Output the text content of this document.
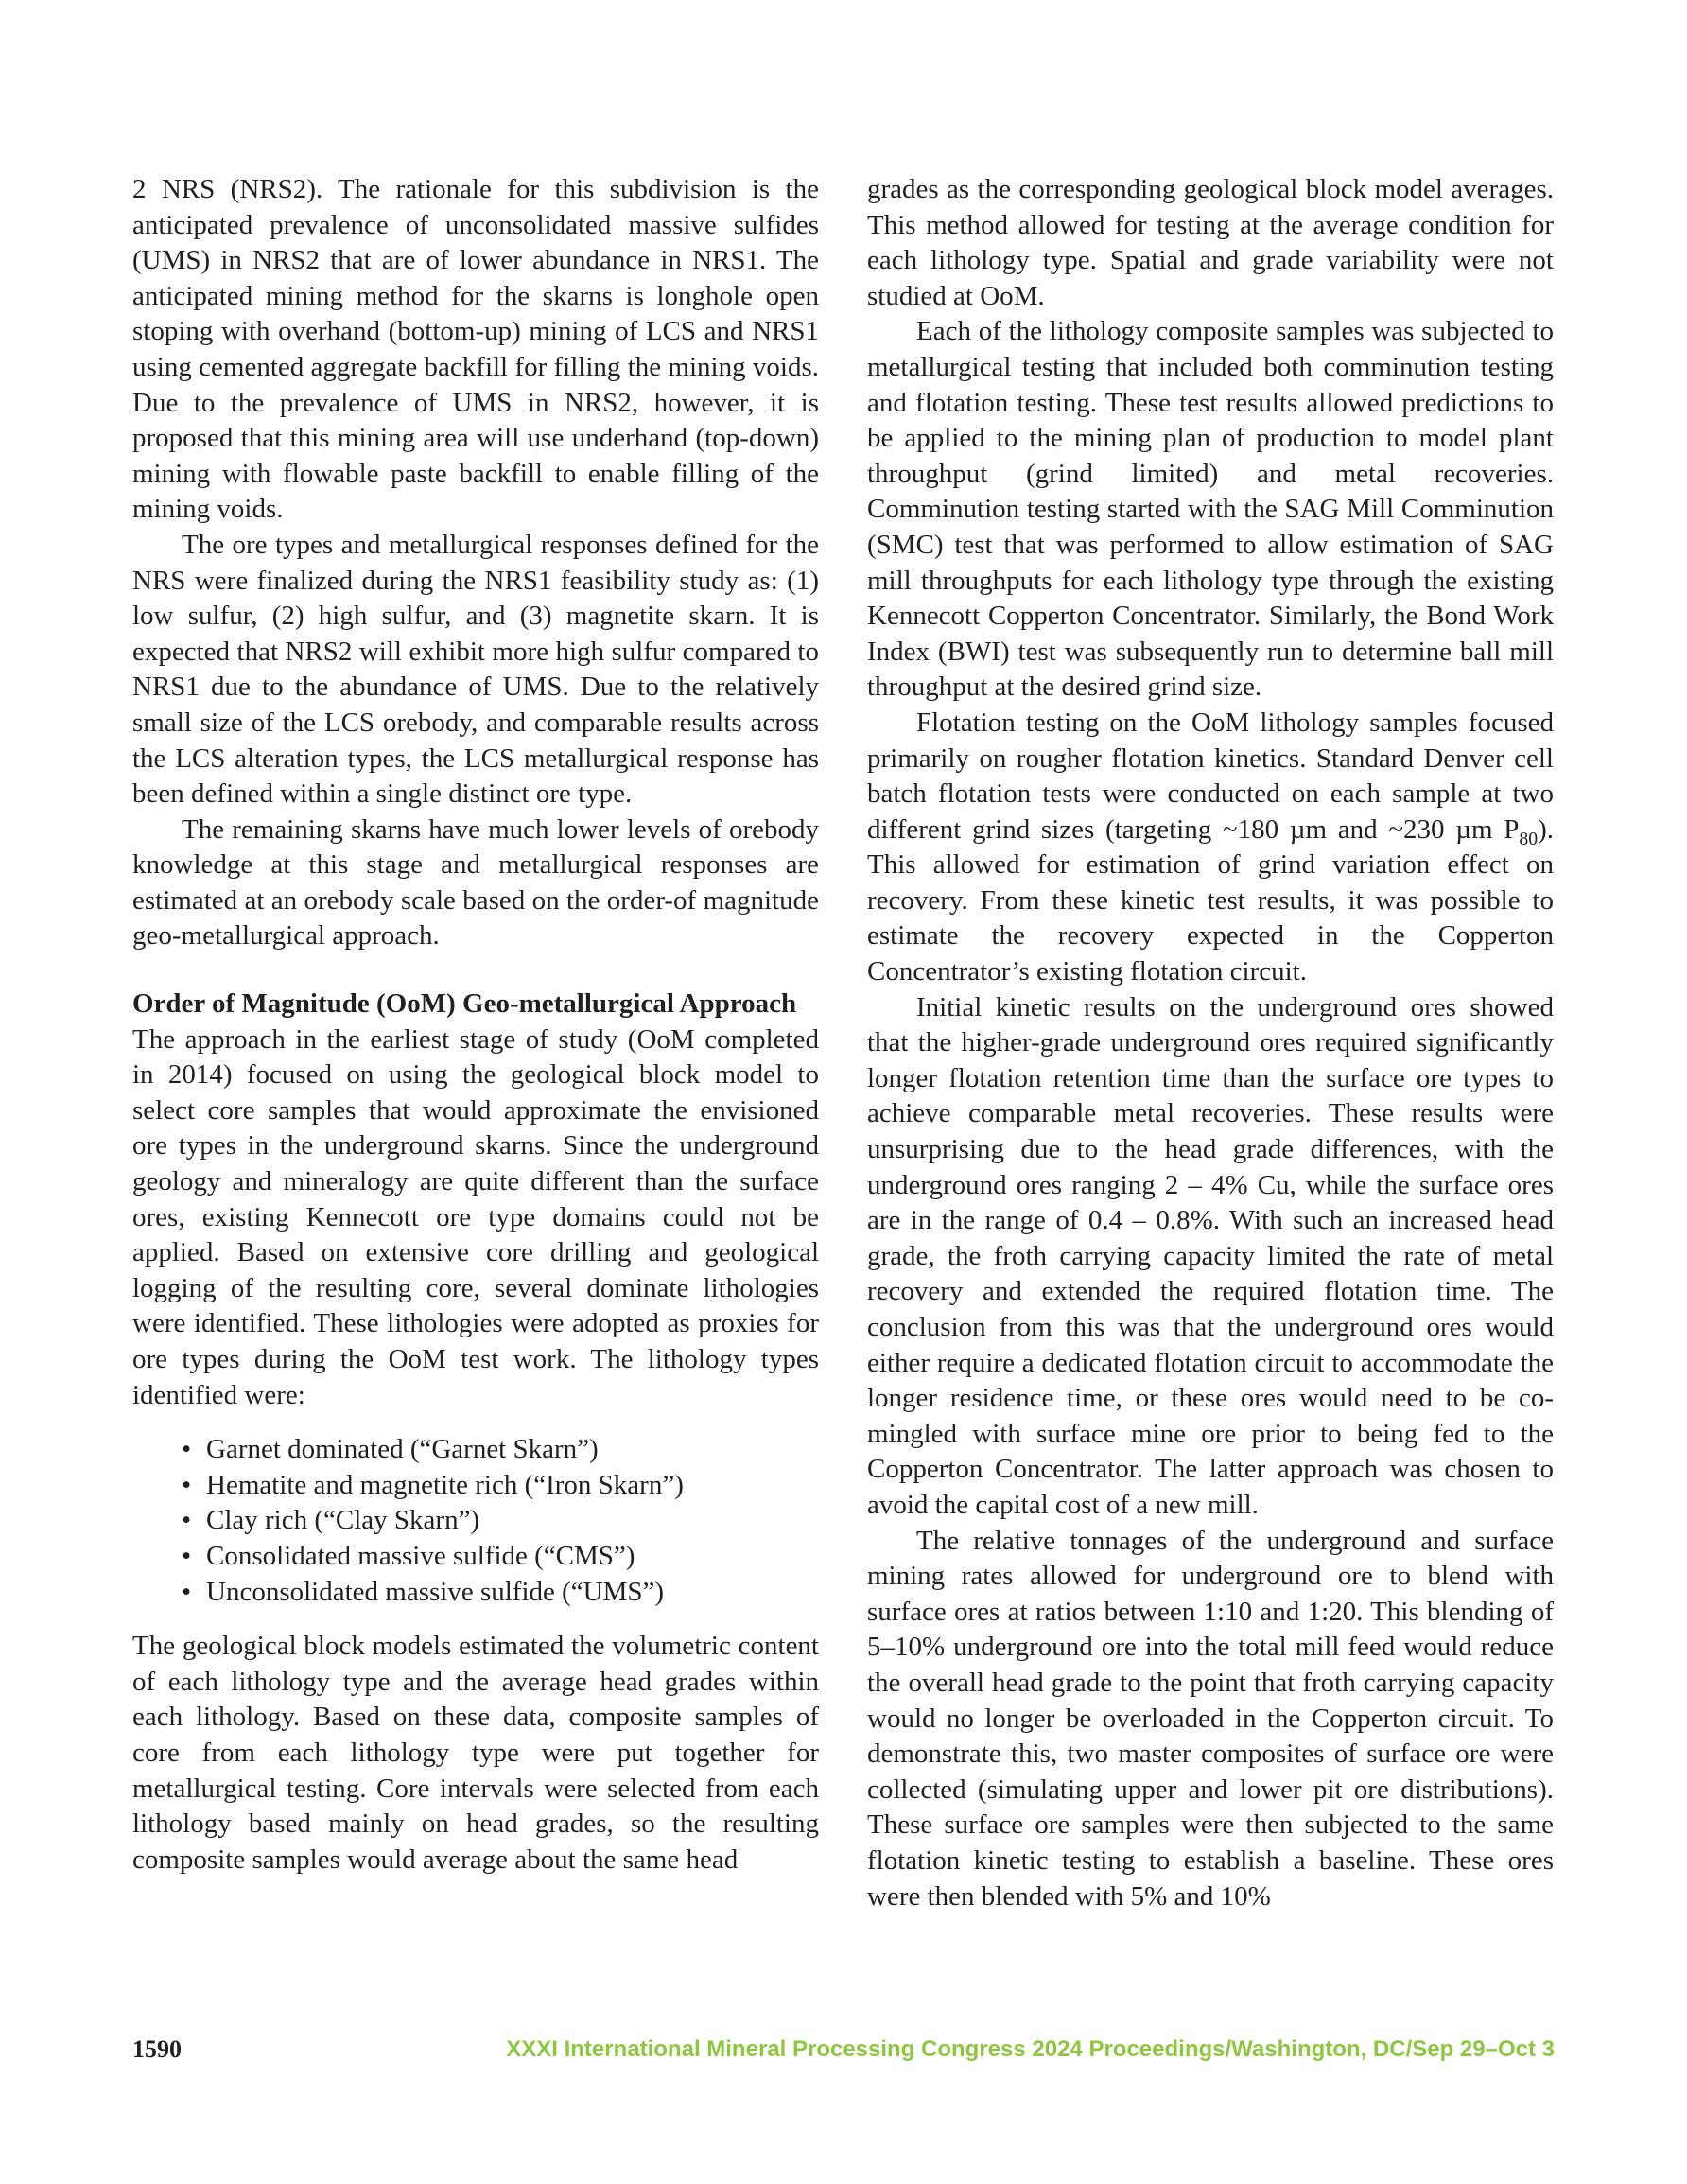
2 NRS (NRS2). The rationale for this subdivision is the anticipated prevalence of unconsolidated massive sulfides (UMS) in NRS2 that are of lower abundance in NRS1. The anticipated mining method for the skarns is longhole open stoping with overhand (bottom-up) mining of LCS and NRS1 using cemented aggregate backfill for filling the mining voids. Due to the prevalence of UMS in NRS2, however, it is proposed that this mining area will use underhand (top-down) mining with flowable paste backfill to enable filling of the mining voids.

The ore types and metallurgical responses defined for the NRS were finalized during the NRS1 feasibility study as: (1) low sulfur, (2) high sulfur, and (3) magnetite skarn. It is expected that NRS2 will exhibit more high sulfur compared to NRS1 due to the abundance of UMS. Due to the relatively small size of the LCS orebody, and comparable results across the LCS alteration types, the LCS metallurgical response has been defined within a single distinct ore type.

The remaining skarns have much lower levels of orebody knowledge at this stage and metallurgical responses are estimated at an orebody scale based on the order-of magnitude geo-metallurgical approach.

Order of Magnitude (OoM) Geo-metallurgical Approach

The approach in the earliest stage of study (OoM completed in 2014) focused on using the geological block model to select core samples that would approximate the envisioned ore types in the underground skarns. Since the underground geology and mineralogy are quite different than the surface ores, existing Kennecott ore type domains could not be applied. Based on extensive core drilling and geological logging of the resulting core, several dominate lithologies were identified. These lithologies were adopted as proxies for ore types during the OoM test work. The lithology types identified were:

• Garnet dominated (“Garnet Skarn”)
• Hematite and magnetite rich (“Iron Skarn”)
• Clay rich (“Clay Skarn”)
• Consolidated massive sulfide (“CMS”)
• Unconsolidated massive sulfide (“UMS”)

The geological block models estimated the volumetric content of each lithology type and the average head grades within each lithology. Based on these data, composite samples of core from each lithology type were put together for metallurgical testing. Core intervals were selected from each lithology based mainly on head grades, so the resulting composite samples would average about the same head

grades as the corresponding geological block model averages. This method allowed for testing at the average condition for each lithology type. Spatial and grade variability were not studied at OoM.

Each of the lithology composite samples was subjected to metallurgical testing that included both comminution testing and flotation testing. These test results allowed predictions to be applied to the mining plan of production to model plant throughput (grind limited) and metal recoveries. Comminution testing started with the SAG Mill Comminution (SMC) test that was performed to allow estimation of SAG mill throughputs for each lithology type through the existing Kennecott Copperton Concentrator. Similarly, the Bond Work Index (BWI) test was subsequently run to determine ball mill throughput at the desired grind size.

Flotation testing on the OoM lithology samples focused primarily on rougher flotation kinetics. Standard Denver cell batch flotation tests were conducted on each sample at two different grind sizes (targeting ~180 µm and ~230 µm $P_{80}$). This allowed for estimation of grind variation effect on recovery. From these kinetic test results, it was possible to estimate the recovery expected in the Copperton Concentrator’s existing flotation circuit.

Initial kinetic results on the underground ores showed that the higher-grade underground ores required significantly longer flotation retention time than the surface ore types to achieve comparable metal recoveries. These results were unsurprising due to the head grade differences, with the underground ores ranging 2 – 4% Cu, while the surface ores are in the range of 0.4 – 0.8%. With such an increased head grade, the froth carrying capacity limited the rate of metal recovery and extended the required flotation time. The conclusion from this was that the underground ores would either require a dedicated flotation circuit to accommodate the longer residence time, or these ores would need to be co-mingled with surface mine ore prior to being fed to the Copperton Concentrator. The latter approach was chosen to avoid the capital cost of a new mill.

The relative tonnages of the underground and surface mining rates allowed for underground ore to blend with surface ores at ratios between 1:10 and 1:20. This blending of 5–10% underground ore into the total mill feed would reduce the overall head grade to the point that froth carrying capacity would no longer be overloaded in the Copperton circuit. To demonstrate this, two master composites of surface ore were collected (simulating upper and lower pit ore distributions). These surface ore samples were then subjected to the same flotation kinetic testing to establish a baseline. These ores were then blended with 5% and 10%

1590	XXXI International Mineral Processing Congress 2024 Proceedings/Washington, DC/Sep 29–Oct 3
